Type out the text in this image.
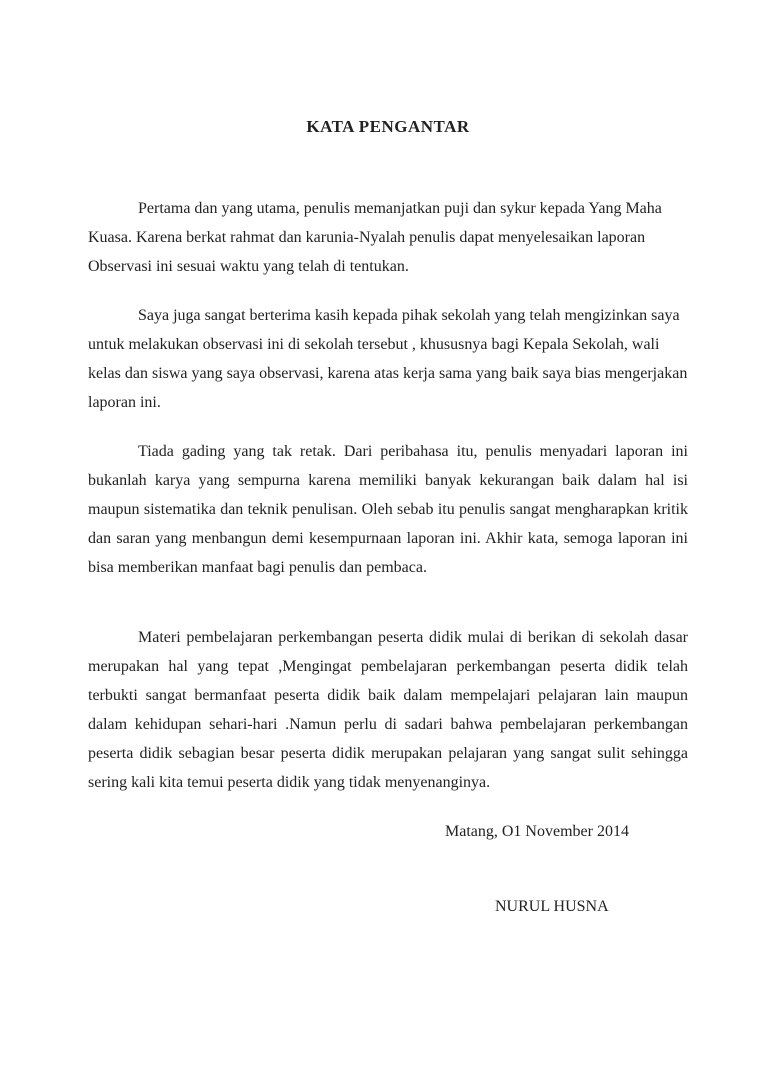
KATA PENGANTAR

Pertama dan yang utama, penulis memanjatkan puji dan sykur kepada Yang Maha Kuasa. Karena berkat rahmat dan karunia-Nyalah penulis dapat menyelesaikan laporan Observasi ini sesuai waktu yang telah di tentukan.

Saya juga sangat berterima kasih kepada pihak sekolah yang telah mengizinkan saya untuk melakukan observasi ini di sekolah tersebut , khususnya bagi Kepala Sekolah, wali kelas dan siswa yang saya observasi, karena atas kerja sama yang baik saya bias mengerjakan laporan ini.

Tiada gading yang tak retak. Dari peribahasa itu, penulis menyadari laporan ini bukanlah karya yang sempurna karena memiliki banyak kekurangan baik dalam hal isi maupun sistematika dan teknik penulisan. Oleh sebab itu penulis sangat mengharapkan kritik dan saran yang menbangun demi kesempurnaan laporan ini. Akhir kata, semoga laporan ini bisa memberikan manfaat bagi penulis dan pembaca.

Materi pembelajaran perkembangan peserta didik mulai di berikan di sekolah dasar merupakan hal yang tepat ,Mengingat pembelajaran perkembangan peserta didik telah terbukti sangat bermanfaat peserta didik baik dalam mempelajari pelajaran lain maupun dalam kehidupan sehari-hari .Namun perlu di sadari bahwa pembelajaran perkembangan peserta didik sebagian besar peserta didik merupakan pelajaran yang sangat sulit sehingga sering kali kita temui peserta didik yang tidak menyenanginya.

Matang, O1 November 2014

NURUL HUSNA
